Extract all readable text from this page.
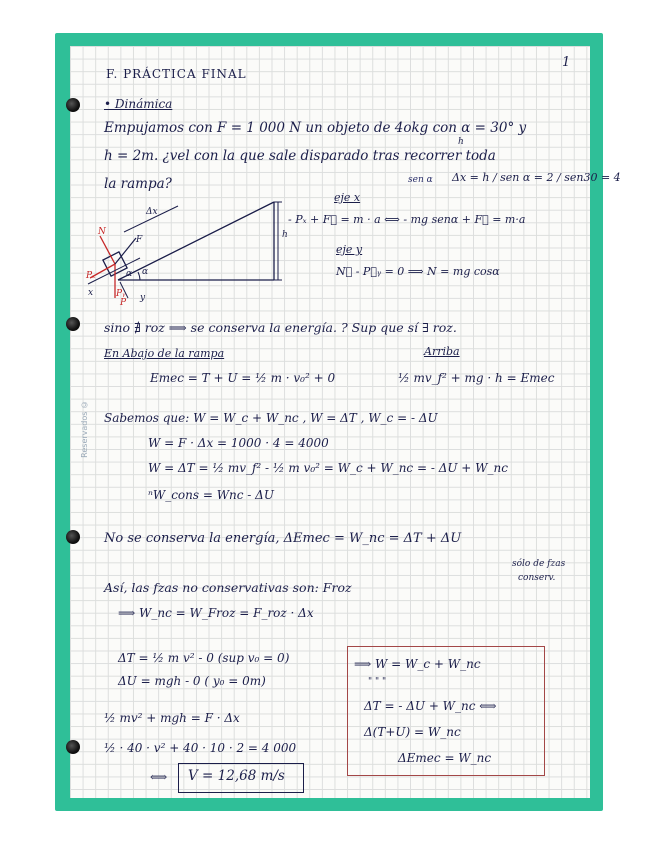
Reservados ©
F. PRÁCTICA FINAL
1
• Dinámica
Empujamos con F = 1 000 N un objeto de 4okg con α = 30° y
h
h = 2m. ¿vel con la que sale disparado tras recorrer toda
la rampa?	sen α Δx = h / sen α = 2 / sen30 = 4
Δx
h
α
N
F
Pₓ
Pᵧ
P
x	y
α
eje x
- Pₓ + F⃗ = m · a ⟺ - mg senα + F⃗ = m·a
eje y
N⃗ - P⃗ᵧ = 0 ⟹ N = mg cosα
sino ∄ roz ⟹ se conserva la energía. ? Sup que sí ∃ roz.
En Abajo de la rampa	Arriba
Emec = T + U = ½ m · v₀² + 0	½ mv_f² + mg · h = Emec
Sabemos que: W = W_c + W_nc , W = ΔT , W_c = - ΔU
W = F · Δx = 1000 · 4 = 4000
W = ΔT = ½ mv_f² - ½ m v₀² = W_c + W_nc = - ΔU + W_nc
ⁿW_cons = Wnc - ΔU
No se conserva la energía, ΔEmec = W_nc = ΔT + ΔU
sólo de fzas
conserv.
Así, las fzas no conservativas son: Froz
⟹ W_nc = W_Froz = F_roz · Δx
ΔT = ½ m v² - 0 (sup v₀ = 0)
ΔU = mgh - 0 ( y₀ = 0m)
½ mv² + mgh = F · Δx
½ · 40 · v² + 40 · 10 · 2 = 4 000
⟺ V = 12,68 m/s
⟹ W = W_c + W_nc
" " "
ΔT = - ΔU + W_nc ⟺
Δ(T+U) = W_nc
ΔEmec = W_nc
